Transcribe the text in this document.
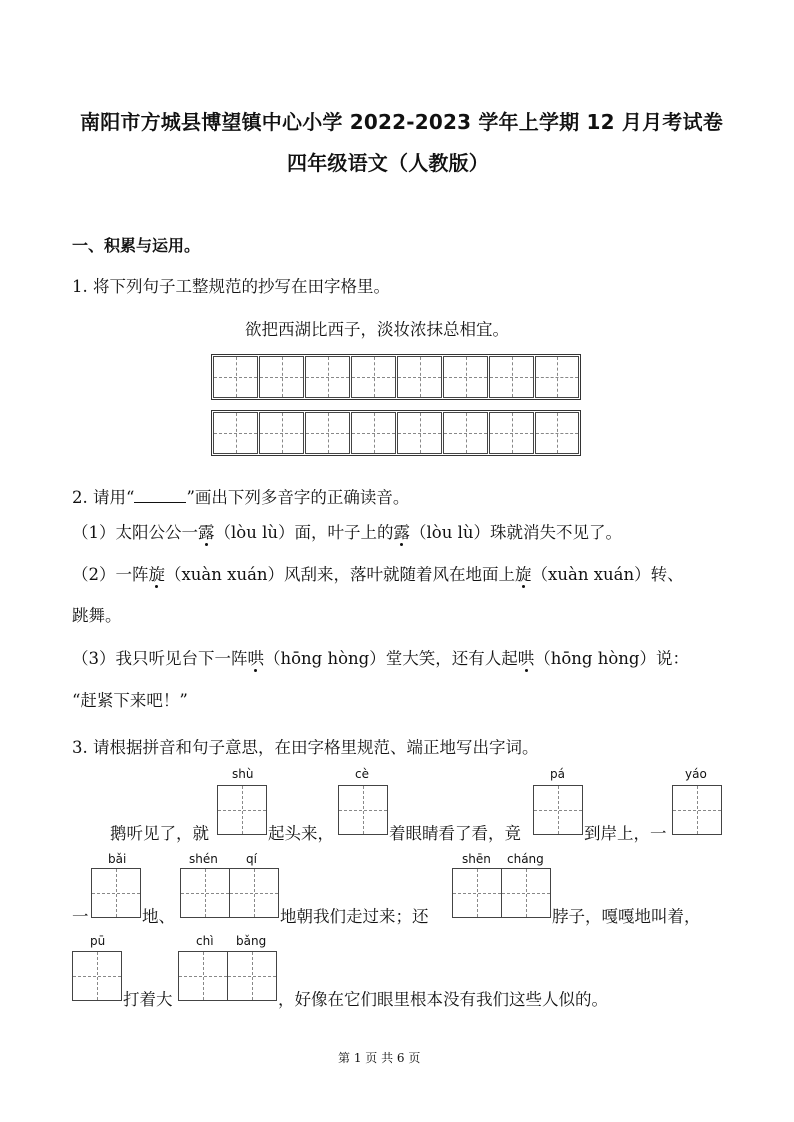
南阳市方城县博望镇中心小学 2022-2023 学年上学期 12 月月考试卷
四年级语文（人教版）
一、积累与运用。
1. 将下列句子工整规范的抄写在田字格里。
欲把西湖比西子，淡妆浓抹总相宜。
2. 请用“	”画出下列多音字的正确读音。
（1）太阳公公一露（lòu lù）面，叶子上的露（lòu lù）珠就消失不见了。
（2）一阵旋（xuàn xuán）风刮来，落叶就随着风在地面上旋（xuàn xuán）转、
跳舞。
（3）我只听见台下一阵哄（hōng hòng）堂大笑，还有人起哄（hōng hòng）说：
“赶紧下来吧！”
3. 请根据拼音和句子意思，在田字格里规范、端正地写出字词。
shù	cè	pá	yáo
鹅听见了，就	起头来，	着眼睛看了看，竟	到岸上，一
bǎi	shén qí	shēn cháng
一	地、	地朝我们走过来；还	脖子，嘎嘎地叫着，
pū	chì bǎng
打着大	，好像在它们眼里根本没有我们这些人似的。
第 1 页 共 6 页
